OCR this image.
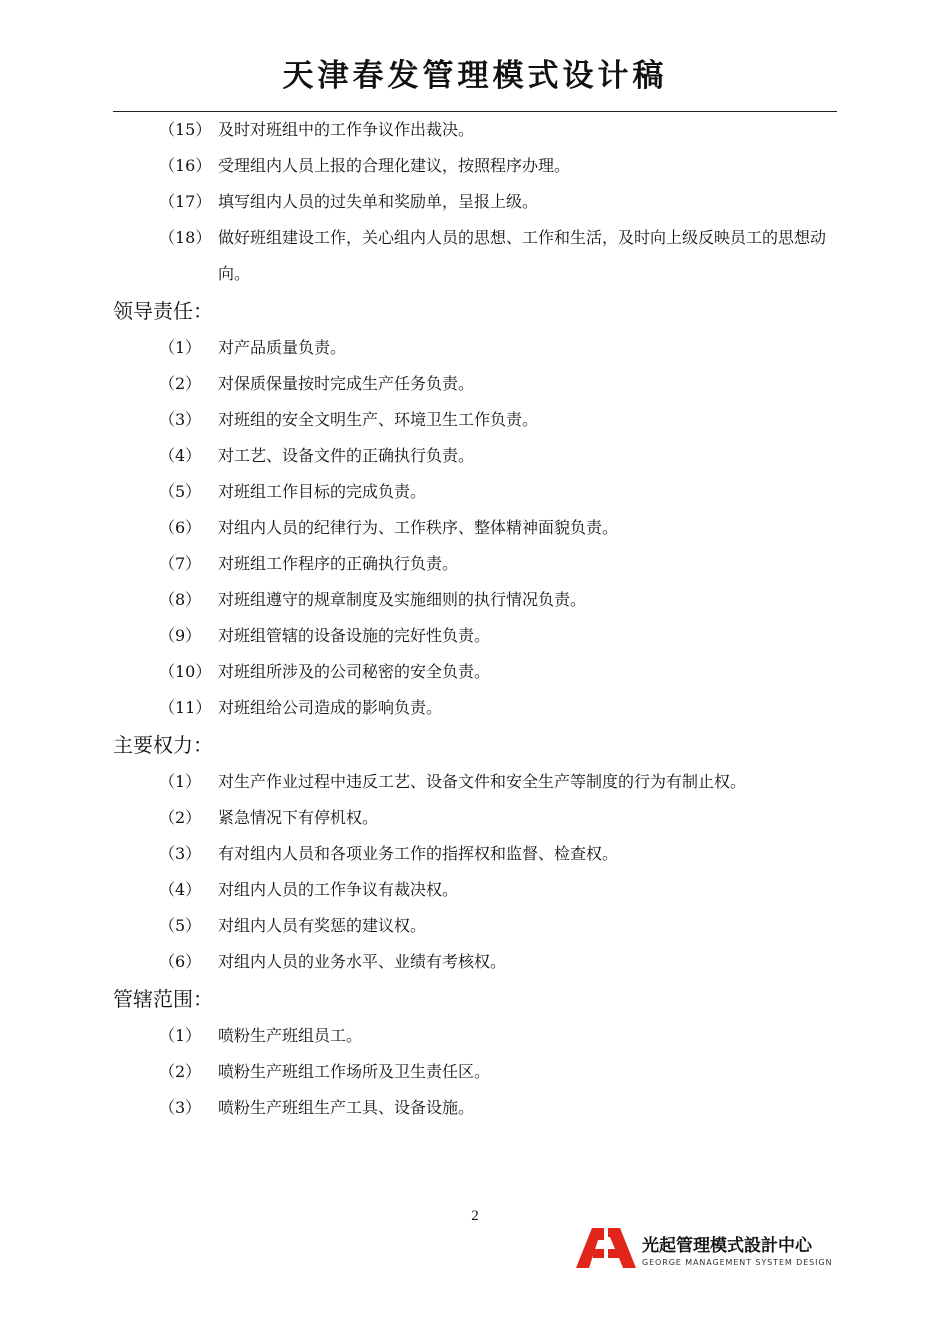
天津春发管理模式设计稿
（15） 及时对班组中的工作争议作出裁决。
（16） 受理组内人员上报的合理化建议，按照程序办理。
（17） 填写组内人员的过失单和奖励单，呈报上级。
（18） 做好班组建设工作，关心组内人员的思想、工作和生活，及时向上级反映员工的思想动向。
领导责任：
（1） 对产品质量负责。
（2） 对保质保量按时完成生产任务负责。
（3） 对班组的安全文明生产、环境卫生工作负责。
（4） 对工艺、设备文件的正确执行负责。
（5） 对班组工作目标的完成负责。
（6） 对组内人员的纪律行为、工作秩序、整体精神面貌负责。
（7） 对班组工作程序的正确执行负责。
（8） 对班组遵守的规章制度及实施细则的执行情况负责。
（9） 对班组管辖的设备设施的完好性负责。
（10） 对班组所涉及的公司秘密的安全负责。
（11） 对班组给公司造成的影响负责。
主要权力：
（1） 对生产作业过程中违反工艺、设备文件和安全生产等制度的行为有制止权。
（2） 紧急情况下有停机权。
（3） 有对组内人员和各项业务工作的指挥权和监督、检查权。
（4） 对组内人员的工作争议有裁决权。
（5） 对组内人员有奖惩的建议权。
（6） 对组内人员的业务水平、业绩有考核权。
管辖范围：
（1） 喷粉生产班组员工。
（2） 喷粉生产班组工作场所及卫生责任区。
（3） 喷粉生产班组生产工具、设备设施。
2
光起管理模式設計中心
GEORGE MANAGEMENT SYSTEM DESIGN
